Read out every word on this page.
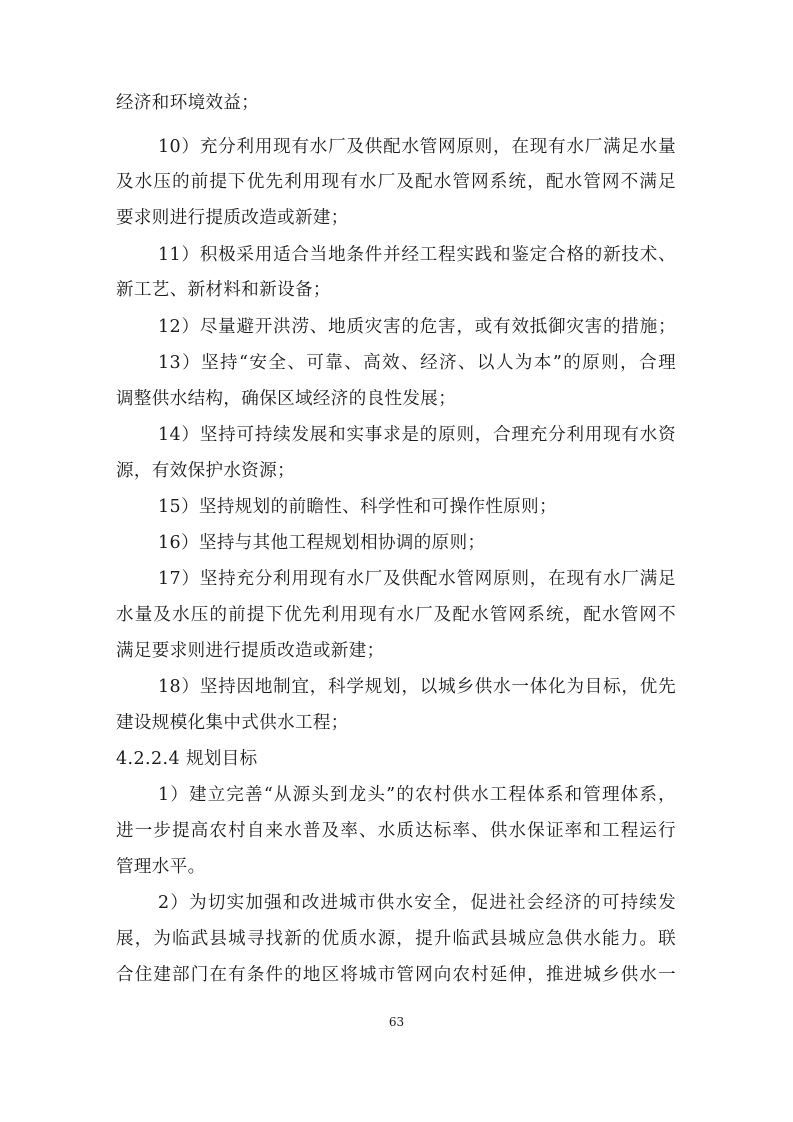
经济和环境效益；
10）充分利用现有水厂及供配水管网原则，在现有水厂满足水量
及水压的前提下优先利用现有水厂及配水管网系统，配水管网不满足
要求则进行提质改造或新建；
11）积极采用适合当地条件并经工程实践和鉴定合格的新技术、
新工艺、新材料和新设备；
12）尽量避开洪涝、地质灾害的危害，或有效抵御灾害的措施；
13）坚持“安全、可靠、高效、经济、以人为本”的原则，合理
调整供水结构，确保区域经济的良性发展；
14）坚持可持续发展和实事求是的原则，合理充分利用现有水资
源，有效保护水资源；
15）坚持规划的前瞻性、科学性和可操作性原则；
16）坚持与其他工程规划相协调的原则；
17）坚持充分利用现有水厂及供配水管网原则，在现有水厂满足
水量及水压的前提下优先利用现有水厂及配水管网系统，配水管网不
满足要求则进行提质改造或新建；
18）坚持因地制宜，科学规划，以城乡供水一体化为目标，优先
建设规模化集中式供水工程；
4.2.2.4 规划目标
1）建立完善“从源头到龙头”的农村供水工程体系和管理体系，
进一步提高农村自来水普及率、水质达标率、供水保证率和工程运行
管理水平。
2）为切实加强和改进城市供水安全，促进社会经济的可持续发
展，为临武县城寻找新的优质水源，提升临武县城应急供水能力。联
合住建部门在有条件的地区将城市管网向农村延伸，推进城乡供水一
63
